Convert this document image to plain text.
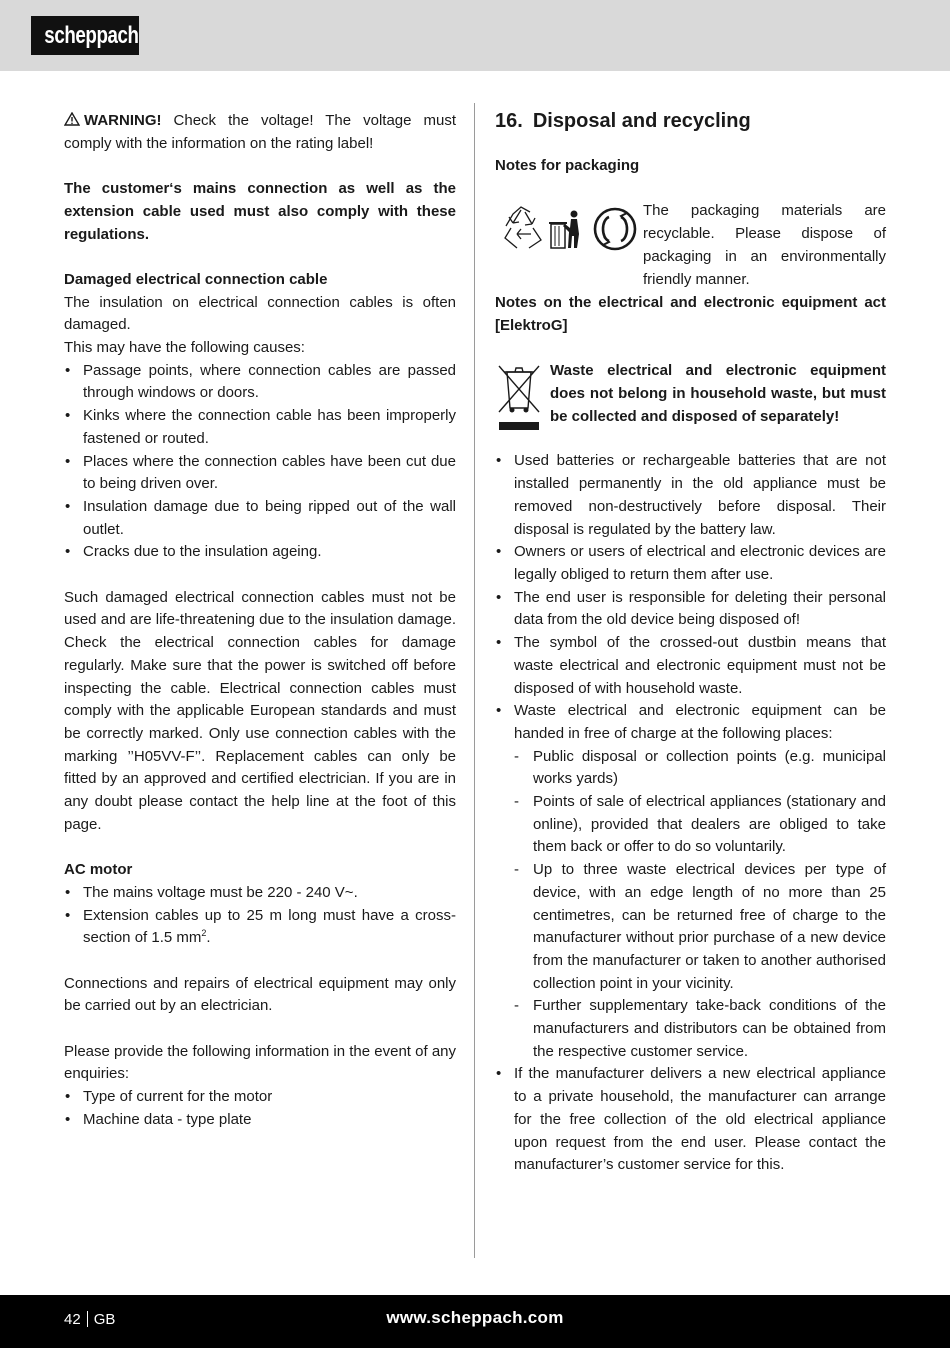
scheppach

WARNING! Check the voltage! The voltage must comply with the information on the rating label!

The customer‘s mains connection as well as the extension cable used must also comply with these regulations.

Damaged electrical connection cable

The insulation on electrical connection cables is often damaged.

This may have the following causes:

• Passage points, where connection cables are passed through windows or doors.
• Kinks where the connection cable has been improperly fastened or routed.
• Places where the connection cables have been cut due to being driven over.
• Insulation damage due to being ripped out of the wall outlet.
• Cracks due to the insulation ageing.

Such damaged electrical connection cables must not be used and are life-threatening due to the insulation damage. Check the electrical connection cables for damage regularly. Make sure that the power is switched off before inspecting the cable. Electrical connection cables must comply with the applicable European standards and must be correctly marked. Only use connection cables with the marking ’’H05VV-F’’. Replacement cables can only be fitted by an approved and certified electrician. If you are in any doubt please contact the help line at the foot of this page.

AC motor

• The mains voltage must be 220 - 240 V~.
• Extension cables up to 25 m long must have a cross-section of 1.5 $mm^2$.

Connections and repairs of electrical equipment may only be carried out by an electrician.

Please provide the following information in the event of any enquiries:

• Type of current for the motor
• Machine data - type plate
16. Disposal and recycling

Notes for packaging

The packaging materials are recyclable. Please dispose of packaging in an environmentally friendly manner.

Notes on the electrical and electronic equipment act [ElektroG]

Waste electrical and electronic equipment does not belong in household waste, but must be collected and disposed of separately!

• Used batteries or rechargeable batteries that are not installed permanently in the old appliance must be removed non-destructively before disposal. Their disposal is regulated by the battery law.
• Owners or users of electrical and electronic devices are legally obliged to return them after use.
• The end user is responsible for deleting their personal data from the old device being disposed of!
• The symbol of the crossed-out dustbin means that waste electrical and electronic equipment must not be disposed of with household waste.
• Waste electrical and electronic equipment can be handed in free of charge at the following places:
- Public disposal or collection points (e.g. municipal works yards)
- Points of sale of electrical appliances (stationary and online), provided that dealers are obliged to take them back or offer to do so voluntarily.
- Up to three waste electrical devices per type of device, with an edge length of no more than 25 centimetres, can be returned free of charge to the manufacturer without prior purchase of a new device from the manufacturer or taken to another authorised collection point in your vicinity.
- Further supplementary take-back conditions of the manufacturers and distributors can be obtained from the respective customer service.
• If the manufacturer delivers a new electrical appliance to a private household, the manufacturer can arrange for the free collection of the old electrical appliance upon request from the end user. Please contact the manufacturer’s customer service for this.
42 GB	www.scheppach.com
